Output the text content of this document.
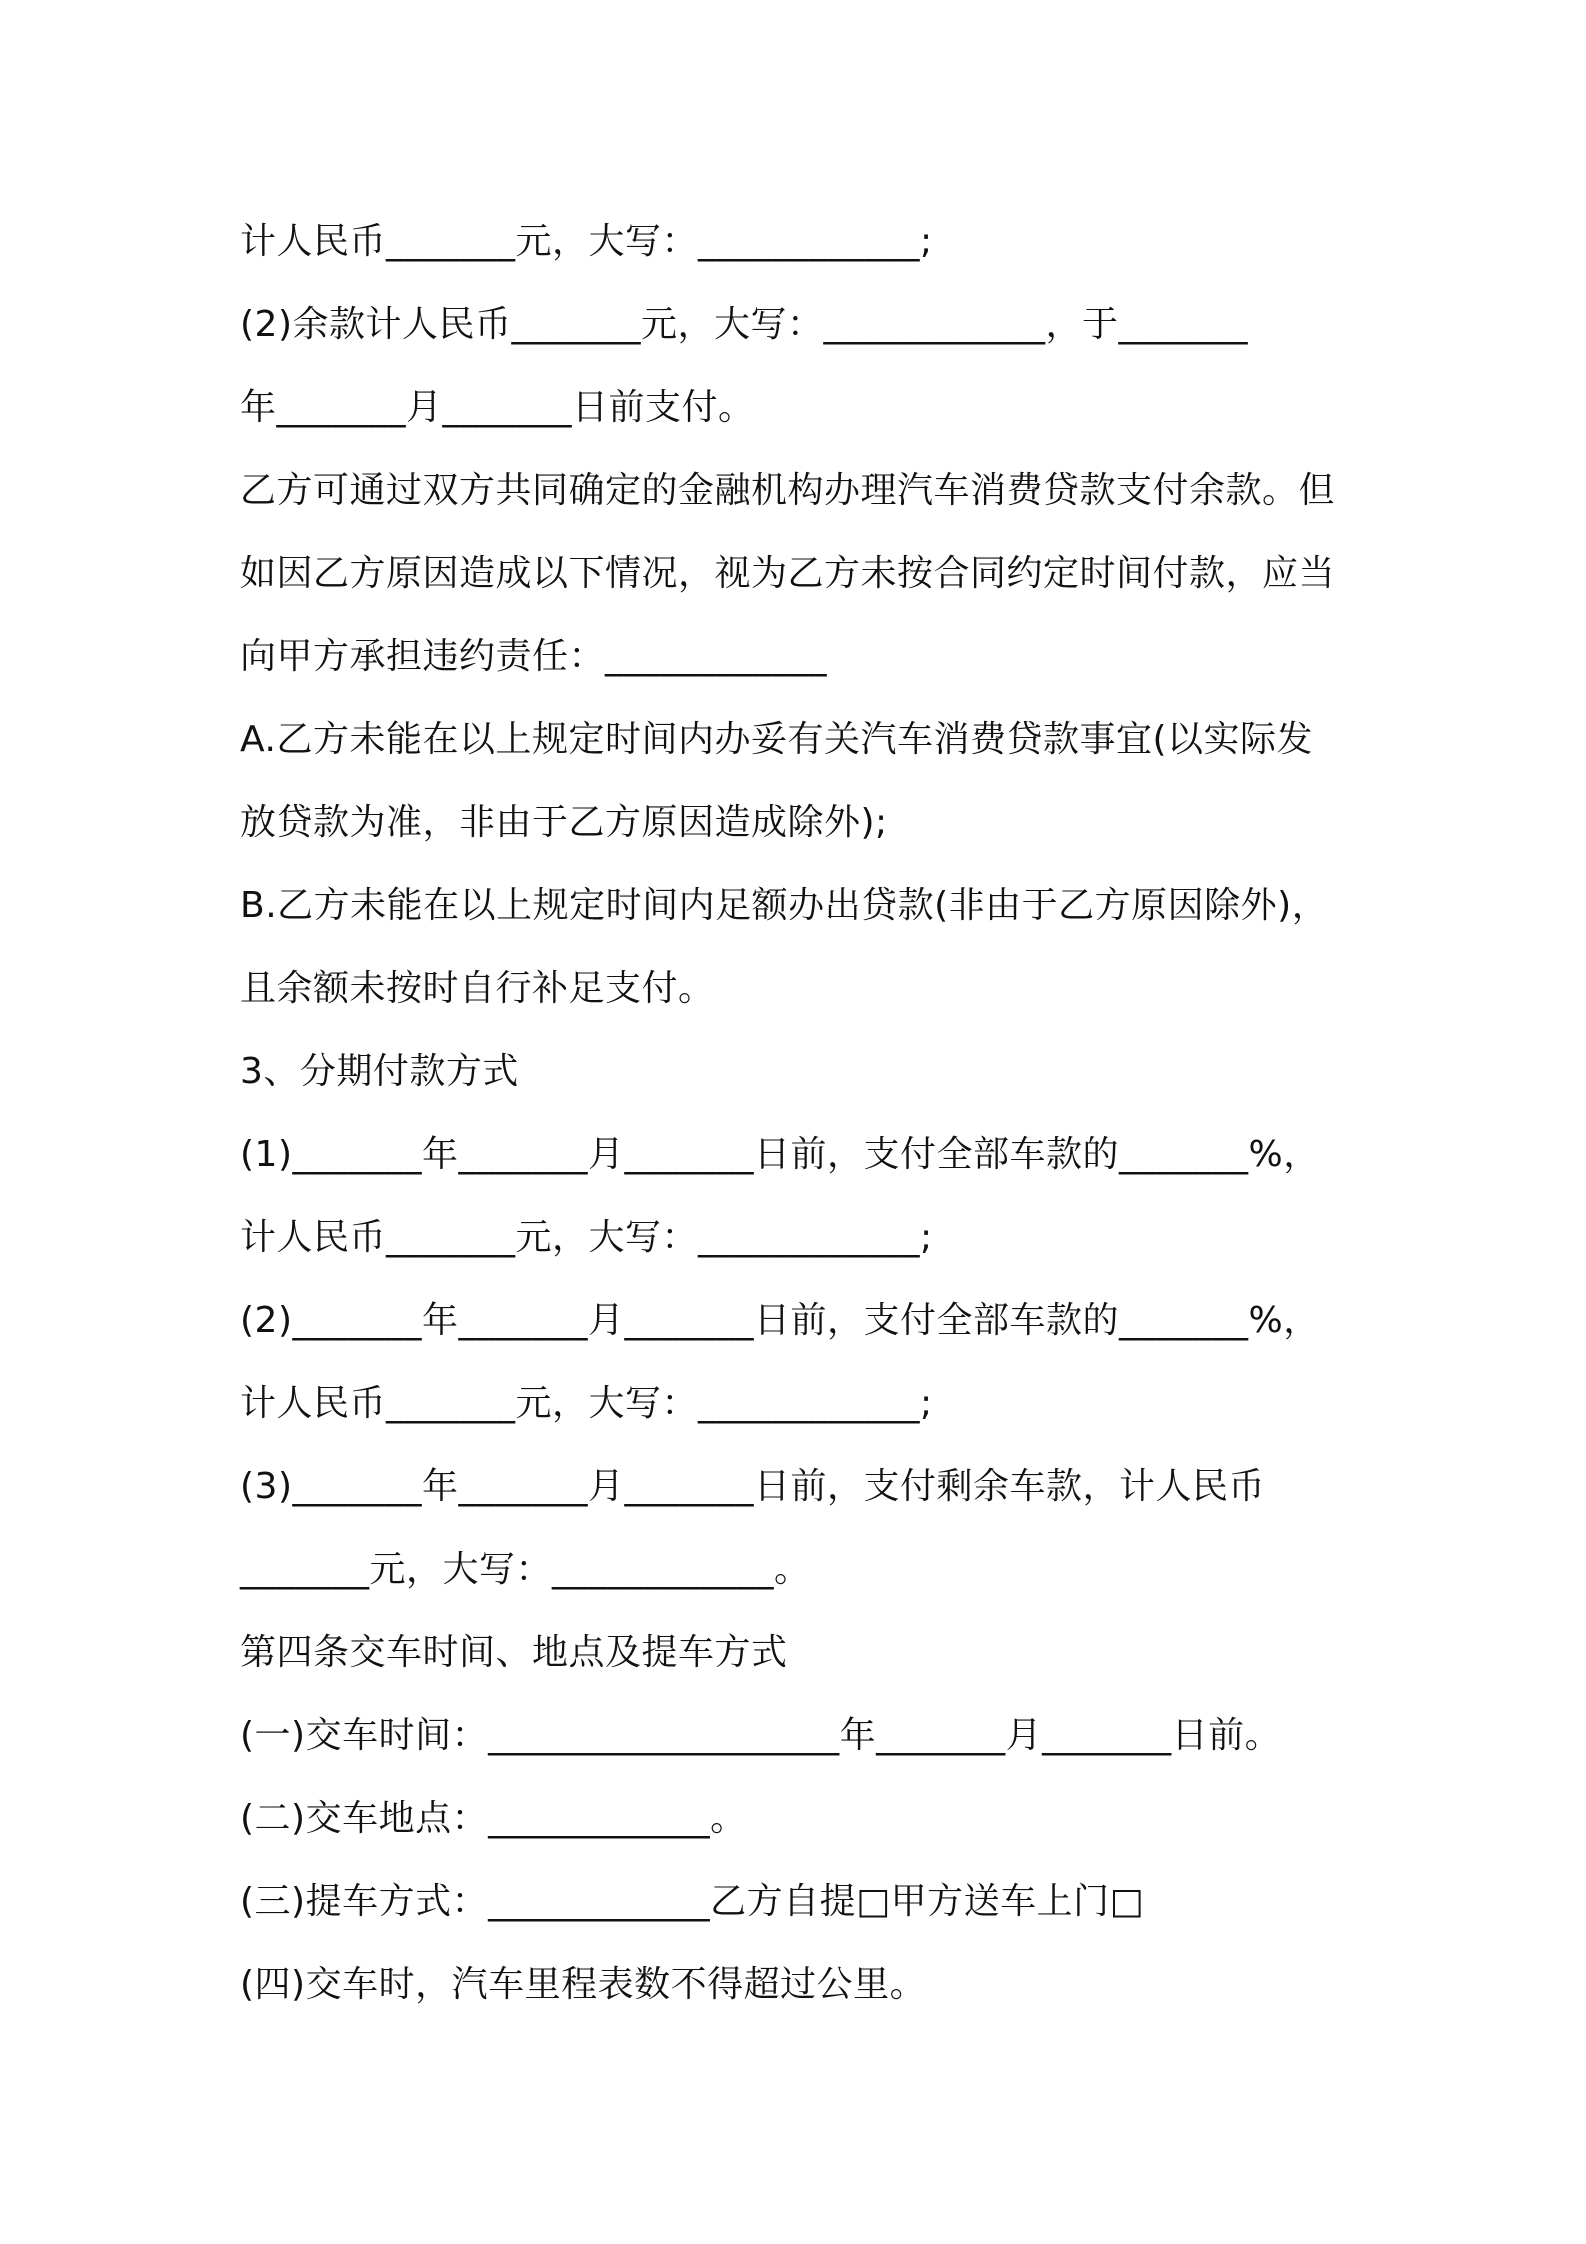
计人民币_______元，大写：____________;
(2)余款计人民币_______元，大写：____________，于_______
年_______月_______日前支付。
乙方可通过双方共同确定的金融机构办理汽车消费贷款支付余款。但
如因乙方原因造成以下情况，视为乙方未按合同约定时间付款，应当
向甲方承担违约责任：____________
A.乙方未能在以上规定时间内办妥有关汽车消费贷款事宜(以实际发
放贷款为准，非由于乙方原因造成除外);
B.乙方未能在以上规定时间内足额办出贷款(非由于乙方原因除外)，
且余额未按时自行补足支付。
3、分期付款方式
(1)_______年_______月_______日前，支付全部车款的_______%，
计人民币_______元，大写：____________;
(2)_______年_______月_______日前，支付全部车款的_______%，
计人民币_______元，大写：____________;
(3)_______年_______月_______日前，支付剩余车款，计人民币
_______元，大写：____________。
第四条交车时间、地点及提车方式
(一)交车时间：___________________年_______月_______日前。
(二)交车地点：____________。
(三)提车方式：____________乙方自提□甲方送车上门□
(四)交车时，汽车里程表数不得超过公里。
